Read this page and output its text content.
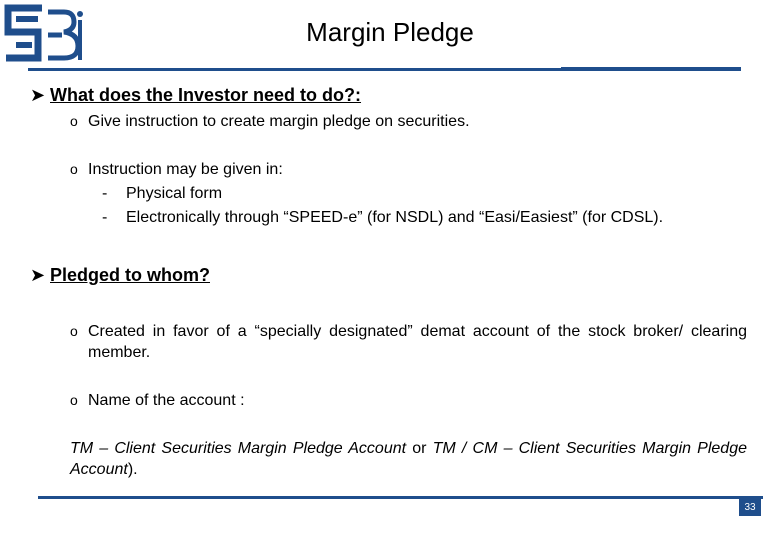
Margin Pledge
➤ What does the Investor need to do?:
o Give instruction to create margin pledge on securities.
o Instruction may be given in:
- Physical form
- Electronically through “SPEED-e” (for NSDL) and “Easi/Easiest” (for CDSL).
➤ Pledged to whom?
o Created in favor of a “specially designated” demat account of the stock broker/ clearing member.
o Name of the account :
TM – Client Securities Margin Pledge Account or TM / CM – Client Securities Margin Pledge Account).
33
